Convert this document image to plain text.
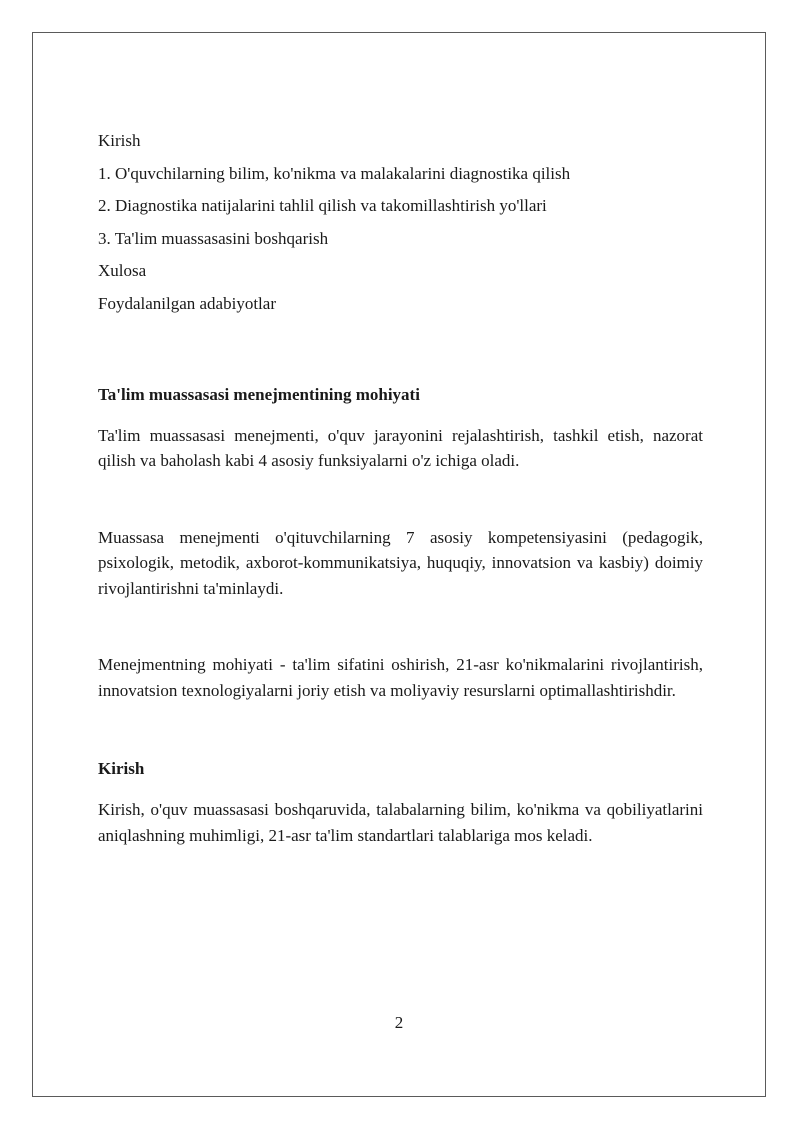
Kirish
1. O'quvchilarning bilim, ko'nikma va malakalarini diagnostika qilish
2. Diagnostika natijalarini tahlil qilish va takomillashtirish yo'llari
3. Ta'lim muassasasini boshqarish
Xulosa
Foydalanilgan adabiyotlar
Ta'lim muassasasi menejmentining mohiyati
Ta'lim muassasasi menejmenti, o'quv jarayonini rejalashtirish, tashkil etish, nazorat qilish va baholash kabi 4 asosiy funksiyalarni o'z ichiga oladi.
Muassasa menejmenti o'qituvchilarning 7 asosiy kompetensiyasini (pedagogik, psixologik, metodik, axborot-kommunikatsiya, huquqiy, innovatsion va kasbiy) doimiy rivojlantirishni ta'minlaydi.
Menejmentning mohiyati - ta'lim sifatini oshirish, 21-asr ko'nikmalarini rivojlantirish, innovatsion texnologiyalarni joriy etish va moliyaviy resurslarni optimallashtirishdir.
Kirish
Kirish, o'quv muassasasi boshqaruvida, talabalarning bilim, ko'nikma va qobiliyatlarini aniqlashning muhimligi, 21-asr ta'lim standartlari talablariga mos keladi.
2
